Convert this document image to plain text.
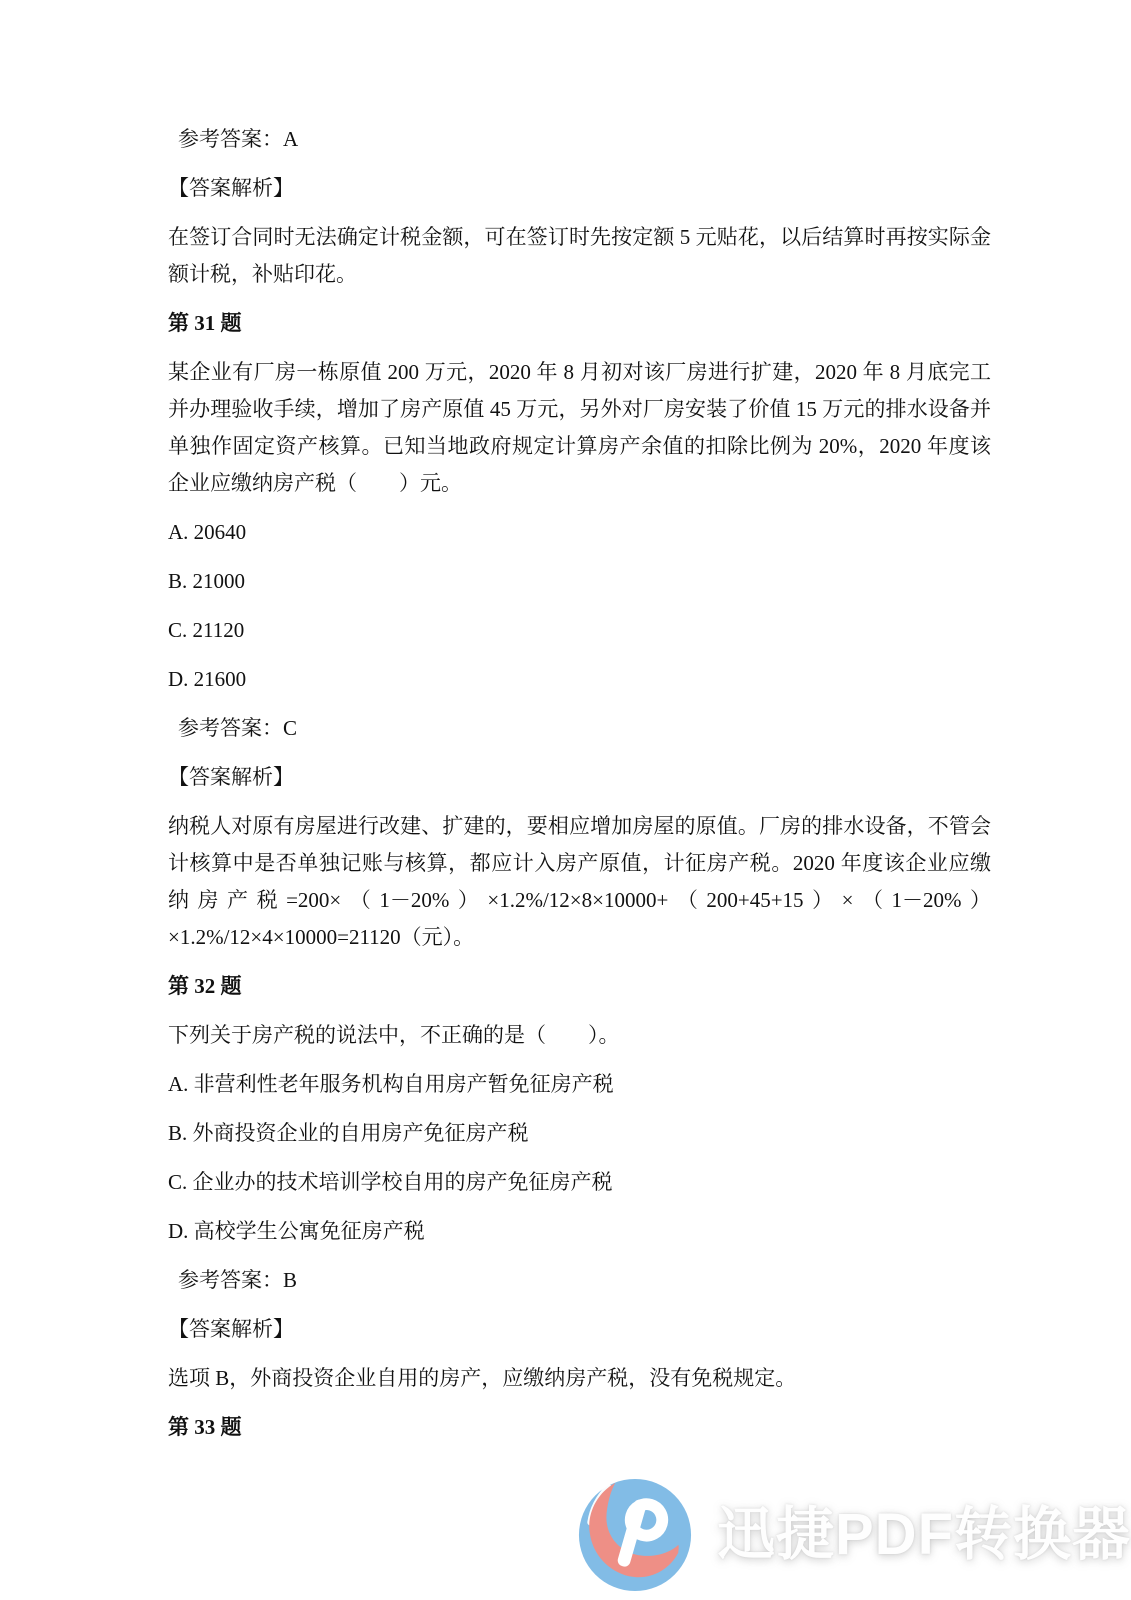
参考答案：A

【答案解析】

在签订合同时无法确定计税金额，可在签订时先按定额 5 元贴花，以后结算时再按实际金额计税，补贴印花。

第 31 题

某企业有厂房一栋原值 200 万元，2020 年 8 月初对该厂房进行扩建，2020 年 8 月底完工并办理验收手续，增加了房产原值 45 万元，另外对厂房安装了价值 15 万元的排水设备并单独作固定资产核算。已知当地政府规定计算房产余值的扣除比例为 20%，2020 年度该企业应缴纳房产税（　　）元。

A. 20640

B. 21000

C. 21120

D. 21600

参考答案：C

【答案解析】

纳税人对原有房屋进行改建、扩建的，要相应增加房屋的原值。厂房的排水设备，不管会计核算中是否单独记账与核算，都应计入房产原值，计征房产税。2020 年度该企业应缴纳房产税=200×（1－20%）×1.2%/12×8×10000+（200+45+15）×（1－20%）×1.2%/12×4×10000=21120（元）。

第 32 题

下列关于房产税的说法中，不正确的是（　　）。

A. 非营利性老年服务机构自用房产暂免征房产税

B. 外商投资企业的自用房产免征房产税

C. 企业办的技术培训学校自用的房产免征房产税

D. 高校学生公寓免征房产税

参考答案：B

【答案解析】

选项 B，外商投资企业自用的房产，应缴纳房产税，没有免税规定。

第 33 题

迅捷PDF转换器
